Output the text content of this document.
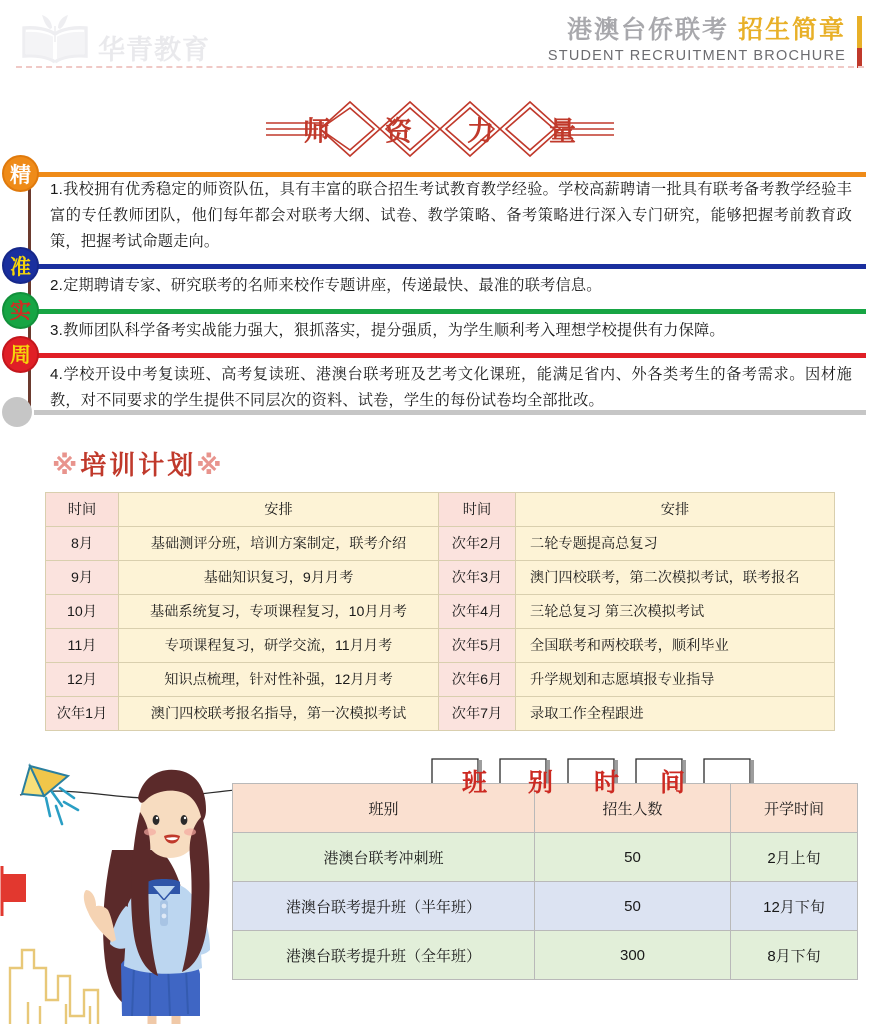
华青教育
港澳台侨联考 招生简章
STUDENT RECRUITMENT BROCHURE
师 资 力 量
精
1.我校拥有优秀稳定的师资队伍，具有丰富的联合招生考试教育教学经验。学校高薪聘请一批具有联考备考教学经验丰富的专任教师团队，他们每年都会对联考大纲、试卷、教学策略、备考策略进行深入专门研究，能够把握考前教育政策，把握考试命题走向。
准
2.定期聘请专家、研究联考的名师来校作专题讲座，传递最快、最准的联考信息。
实
3.教师团队科学备考实战能力强大，狠抓落实，提分强质，为学生顺利考入理想学校提供有力保障。
周
4.学校开设中考复读班、高考复读班、港澳台联考班及艺考文化课班，能满足省内、外各类考生的备考需求。因材施教，对不同要求的学生提供不同层次的资料、试卷，学生的每份试卷均全部批改。
※培训计划※
时间	安排	时间	安排
8月	基础测评分班，培训方案制定，联考介绍	次年2月	二轮专题提高总复习
9月	基础知识复习，9月月考	次年3月	澳门四校联考，第二次模拟考试，联考报名
10月	基础系统复习，专项课程复习，10月月考	次年4月	三轮总复习 第三次模拟考试
11月	专项课程复习，研学交流，11月月考	次年5月	全国联考和两校联考，顺利毕业
12月	知识点梳理，针对性补强，12月月考	次年6月	升学规划和志愿填报专业指导
次年1月	澳门四校联考报名指导，第一次模拟考试	次年7月	录取工作全程跟进
班 别 时 间
班别	招生人数	开学时间
港澳台联考冲刺班	50	2月上旬
港澳台联考提升班（半年班）	50	12月下旬
港澳台联考提升班（全年班）	300	8月下旬
